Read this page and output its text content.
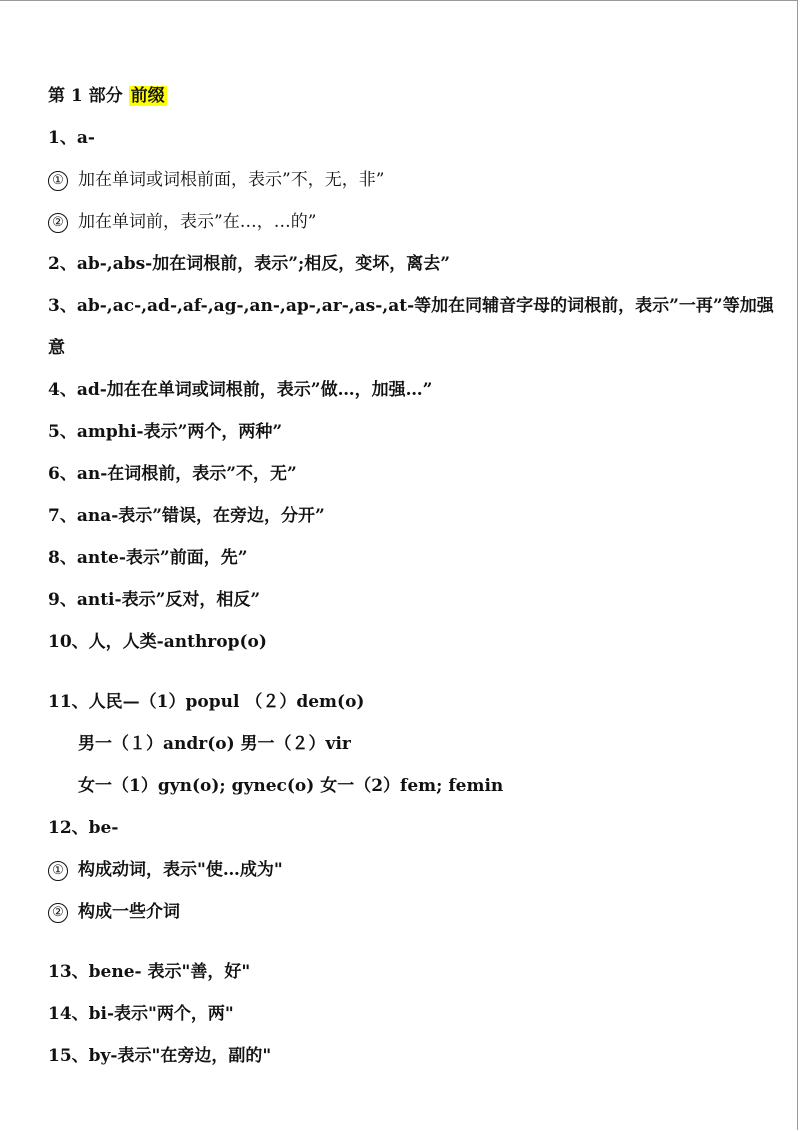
第 1 部分 前缀
1、a-
① 加在单词或词根前面，表示”不，无，非”
② 加在单词前，表示”在…，…的”
2、ab-,abs-加在词根前，表示”;相反，变坏，离去”
3、ab-,ac-,ad-,af-,ag-,an-,ap-,ar-,as-,at-等加在同辅音字母的词根前，表示”一再”等加强
意
4、ad-加在在单词或词根前，表示”做…，加强…”
5、amphi-表示”两个，两种”
6、an-在词根前，表示”不，无”
7、ana-表示”错误，在旁边，分开”
8、ante-表示”前面，先”
9、anti-表示”反对，相反”
10、人，人类-anthrop(o)
11、人民—（1）popul （２）dem(o)
男一（１）andr(o) 男一（２）vir
女一（1）gyn(o); gynec(o) 女一（2）fem; femin
12、be-
① 构成动词，表示"使…成为"
② 构成一些介词
13、bene- 表示"善，好"
14、bi-表示"两个，两"
15、by-表示"在旁边，副的"
